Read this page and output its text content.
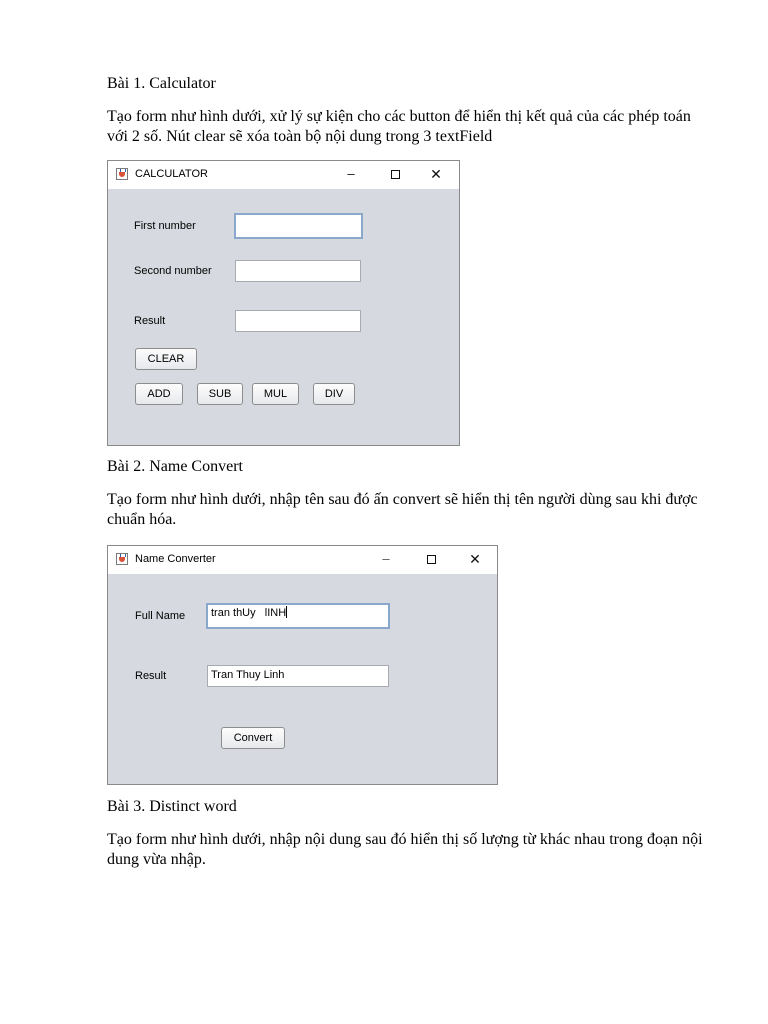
Bài 1. Calculator
Tạo form như hình dưới, xử lý sự kiện cho các button để hiển thị kết quả của các phép toán với 2 số. Nút clear sẽ xóa toàn bộ nội dung trong 3 textField
CALCULATOR	–	✕
First number
Second number
Result
CLEAR
ADD	SUB	MUL	DIV
Bài 2. Name Convert
Tạo form như hình dưới, nhập tên sau đó ấn convert sẽ hiển thị tên người dùng sau khi được chuẩn hóa.
Name Converter	–	✕
Full Name	tran thUy   lINH
Result	Tran Thuy Linh
Convert
Bài 3. Distinct word
Tạo form như hình dưới, nhập nội dung sau đó hiển thị số lượng từ khác nhau trong đoạn nội dung vừa nhập.
